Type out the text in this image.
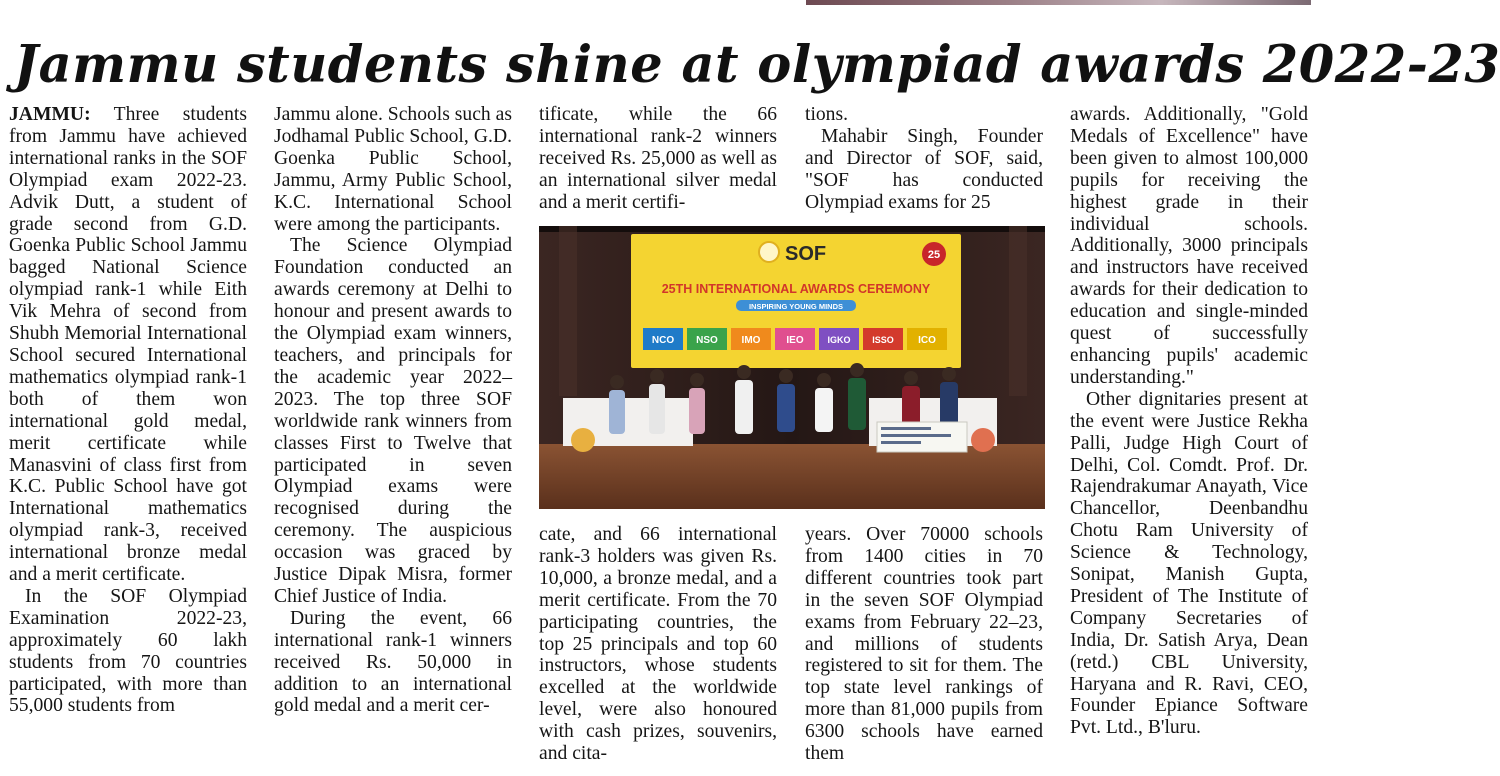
Jammu students shine at olympiad awards 2022-23

JAMMU: Three students from Jammu have achieved international ranks in the SOF Olympiad exam 2022-23. Advik Dutt, a student of grade second from G.D. Goenka Public School Jammu bagged National Science olympiad rank-1 while Eith Vik Mehra of second from Shubh Memorial International School secured International mathematics olympiad rank-1 both of them won international gold medal, merit certificate while Manasvini of class first from K.C. Public School have got International mathematics olympiad rank-3, received international bronze medal and a merit certificate.

In the SOF Olympiad Examination 2022-23, approximately 60 lakh students from 70 countries participated, with more than 55,000 students from

Jammu alone. Schools such as Jodhamal Public School, G.D. Goenka Public School, Jammu, Army Public School, K.C. International School were among the participants.

The Science Olympiad Foundation conducted an awards ceremony at Delhi to honour and present awards to the Olympiad exam winners, teachers, and principals for the academic year 2022–2023. The top three SOF worldwide rank winners from classes First to Twelve that participated in seven Olympiad exams were recognised during the ceremony. The auspicious occasion was graced by Justice Dipak Misra, former Chief Justice of India.

During the event, 66 international rank-1 winners received Rs. 50,000 in addition to an international gold medal and a merit cer-

tificate, while the 66 international rank-2 winners received Rs. 25,000 as well as an international silver medal and a merit certifi-

tions.

Mahabir Singh, Founder and Director of SOF, said, "SOF has conducted Olympiad exams for 25

SOF	25
25TH INTERNATIONAL AWARDS CEREMONY
INSPIRING YOUNG MINDS
NCO NSO IMO	IEO	IGKO ISSO ICO

cate, and 66 international rank-3 holders was given Rs. 10,000, a bronze medal, and a merit certificate. From the 70 participating countries, the top 25 principals and top 60 instructors, whose students excelled at the worldwide level, were also honoured with cash prizes, souvenirs, and cita-

years. Over 70000 schools from 1400 cities in 70 different countries took part in the seven SOF Olympiad exams from February 22–23, and millions of students registered to sit for them. The top state level rankings of more than 81,000 pupils from 6300 schools have earned them

awards. Additionally, "Gold Medals of Excellence" have been given to almost 100,000 pupils for receiving the highest grade in their individual schools. Additionally, 3000 principals and instructors have received awards for their dedication to education and single-minded quest of successfully enhancing pupils' academic understanding."

Other dignitaries present at the event were Justice Rekha Palli, Judge High Court of Delhi, Col. Comdt. Prof. Dr. Rajendrakumar Anayath, Vice Chancellor, Deenbandhu Chotu Ram University of Science & Technology, Sonipat, Manish Gupta, President of The Institute of Company Secretaries of India, Dr. Satish Arya, Dean (retd.) CBL University, Haryana and R. Ravi, CEO, Founder Epiance Software Pvt. Ltd., B'luru.
